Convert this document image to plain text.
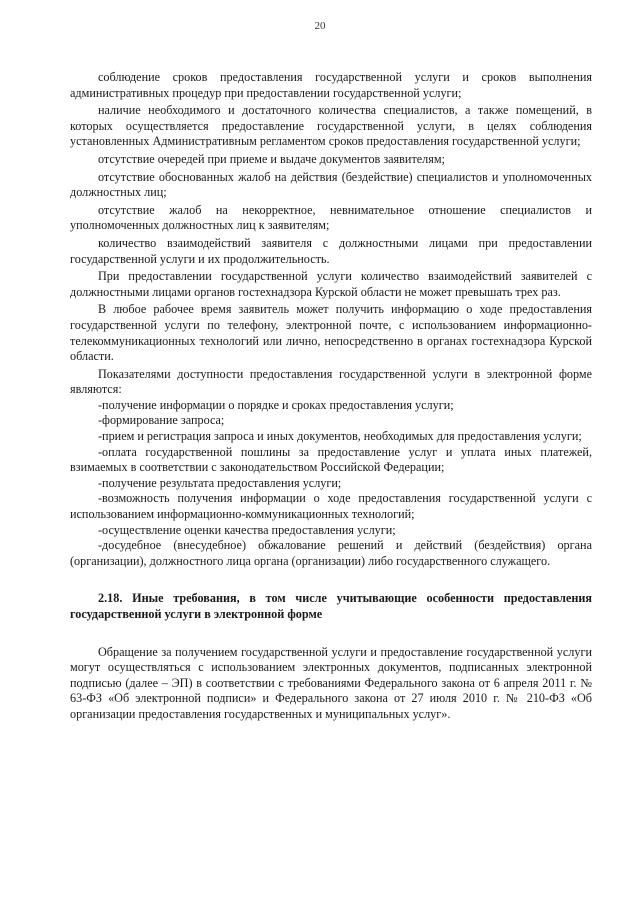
20

соблюдение сроков предоставления государственной услуги и сроков выполнения административных процедур при предоставлении государственной услуги;

наличие необходимого и достаточного количества специалистов, а также помещений, в которых осуществляется предоставление государственной услуги, в целях соблюдения установленных Административным регламентом сроков предоставления государственной услуги;

отсутствие очередей при приеме и выдаче документов заявителям;

отсутствие обоснованных жалоб на действия (бездействие) специалистов и уполномоченных должностных лиц;

отсутствие жалоб на некорректное, невнимательное отношение специалистов и уполномоченных должностных лиц к заявителям;

количество взаимодействий заявителя с должностными лицами при предоставлении государственной услуги и их продолжительность.

При предоставлении государственной услуги количество взаимодействий заявителей с должностными лицами органов гостехнадзора Курской области не может превышать трех раз.

В любое рабочее время заявитель может получить информацию о ходе предоставления государственной услуги по телефону, электронной почте, с использованием информационно-телекоммуникационных технологий или лично, непосредственно в органах гостехнадзора Курской области.

Показателями доступности предоставления государственной услуги в электронной форме являются:

-получение информации о порядке и сроках предоставления услуги;

-формирование запроса;

-прием и регистрация запроса и иных документов, необходимых для предоставления услуги;

-оплата государственной пошлины за предоставление услуг и уплата иных платежей, взимаемых в соответствии с законодательством Российской Федерации;

-получение результата предоставления услуги;

-возможность получения информации о ходе предоставления государственной услуги с использованием информационно-коммуникационных технологий;

-осуществление оценки качества предоставления услуги;

-досудебное (внесудебное) обжалование решений и действий (бездействия) органа (организации), должностного лица органа (организации) либо государственного служащего.

2.18. Иные требования, в том числе учитывающие особенности предоставления государственной услуги в электронной форме

Обращение за получением государственной услуги и предоставление государственной услуги могут осуществляться с использованием электронных документов, подписанных электронной подписью (далее – ЭП) в соответствии с требованиями Федерального закона от 6 апреля 2011 г. № 63-ФЗ «Об электронной подписи» и Федерального закона от 27 июля 2010 г. № 210-ФЗ «Об организации предоставления государственных и муниципальных услуг».
